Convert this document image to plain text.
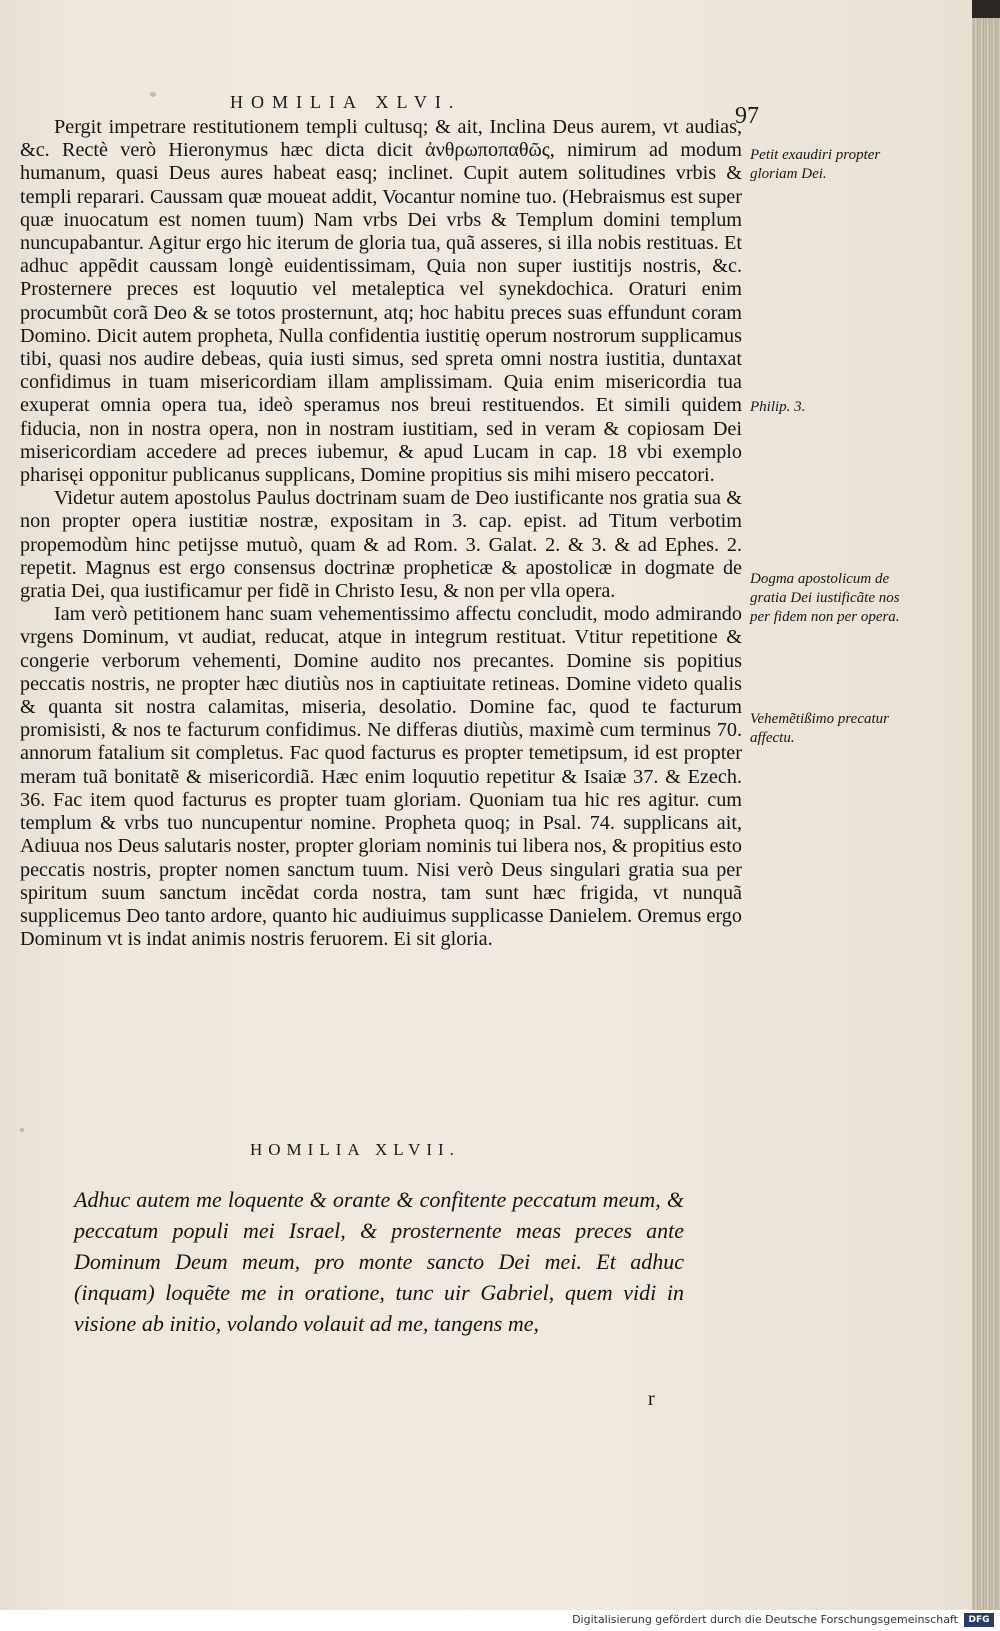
HOMILIA XLVI.
97

Pergit impetrare restitutionem templi cultusq; & ait, Inclina Deus aurem, vt audias, &c. Rectè verò Hieronymus hæc dicta dicit ἀνθρωποπαθῶς, nimirum ad modum humanum, quasi Deus aures habeat easq; inclinet. Cupit autem solitudines vrbis & templi reparari. Caussam quæ moueat addit, Vocantur nomine tuo. (Hebraismus est super quæ inuocatum est nomen tuum) Nam vrbs Dei vrbs & Templum domini templum nuncupabantur. Agitur ergo hic iterum de gloria tua, quã asseres, si illa nobis restituas. Et adhuc appẽdit caussam longè euidentissimam, Quia non super iustitijs nostris, &c. Prosternere preces est loquutio vel metaleptica vel synekdochica. Oraturi enim procumbũt corã Deo & se totos prosternunt, atq; hoc habitu preces suas effundunt coram Domino. Dicit autem propheta, Nulla confidentia iustitię operum nostrorum supplicamus tibi, quasi nos audire debeas, quia iusti simus, sed spreta omni nostra iustitia, duntaxat confidimus in tuam misericordiam illam amplissimam. Quia enim misericordia tua exuperat omnia opera tua, ideò speramus nos breui restituendos. Et simili quidem fiducia, non in nostra opera, non in nostram iustitiam, sed in veram & copiosam Dei misericordiam accedere ad preces iubemur, & apud Lucam in cap. 18 vbi exemplo pharisęi opponitur publicanus supplicans, Domine propitius sis mihi misero peccatori.

Videtur autem apostolus Paulus doctrinam suam de Deo iustificante nos gratia sua & non propter opera iustitiæ nostræ, expositam in 3. cap. epist. ad Titum verbotim propemodùm hinc petijsse mutuò, quam & ad Rom. 3. Galat. 2. & 3. & ad Ephes. 2. repetit. Magnus est ergo consensus doctrinæ propheticæ & apostolicæ in dogmate de gratia Dei, qua iustificamur per fidẽ in Christo Iesu, & non per vlla opera.

Iam verò petitionem hanc suam vehementissimo affectu concludit, modo admirando vrgens Dominum, vt audiat, reducat, atque in integrum restituat. Vtitur repetitione & congerie verborum vehementi, Domine audito nos precantes. Domine sis popitius peccatis nostris, ne propter hæc diutiùs nos in captiuitate retineas. Domine videto qualis & quanta sit nostra calamitas, miseria, desolatio. Domine fac, quod te facturum promisisti, & nos te facturum confidimus. Ne differas diutiùs, maximè cum terminus 70. annorum fatalium sit completus. Fac quod facturus es propter temetipsum, id est propter meram tuã bonitatẽ & misericordiã. Hæc enim loquutio repetitur & Isaiæ 37. & Ezech. 36. Fac item quod facturus es propter tuam gloriam. Quoniam tua hic res agitur. cum templum & vrbs tuo nuncupentur nomine. Propheta quoq; in Psal. 74. supplicans ait, Adiuua nos Deus salutaris noster, propter gloriam nominis tui libera nos, & propitius esto peccatis nostris, propter nomen sanctum tuum. Nisi verò Deus singulari gratia sua per spiritum suum sanctum incẽdat corda nostra, tam sunt hæc frigida, vt nunquã supplicemus Deo tanto ardore, quanto hic audiuimus supplicasse Danielem. Oremus ergo Dominum vt is indat animis nostris feruorem. Ei sit gloria.

Petit exaudiri propter gloriam Dei.
Philip. 3.
Dogma apostolicum de gratia Dei iustificãte nos per fidem non per opera.
Vehemẽtißimo precatur affectu.
HOMILIA XLVII.
Adhuc autem me loquente & orante & confitente peccatum meum, & peccatum populi mei Israel, & prosternente meas preces ante Dominum Deum meum, pro monte sancto Dei mei. Et adhuc (inquam) loquẽte me in oratione, tunc uir Gabriel, quem vidi in visione ab initio, volando volauit ad me, tangens me,
r
Digitalisierung gefördert durch die Deutsche Forschungsgemeinschaft	DFG
